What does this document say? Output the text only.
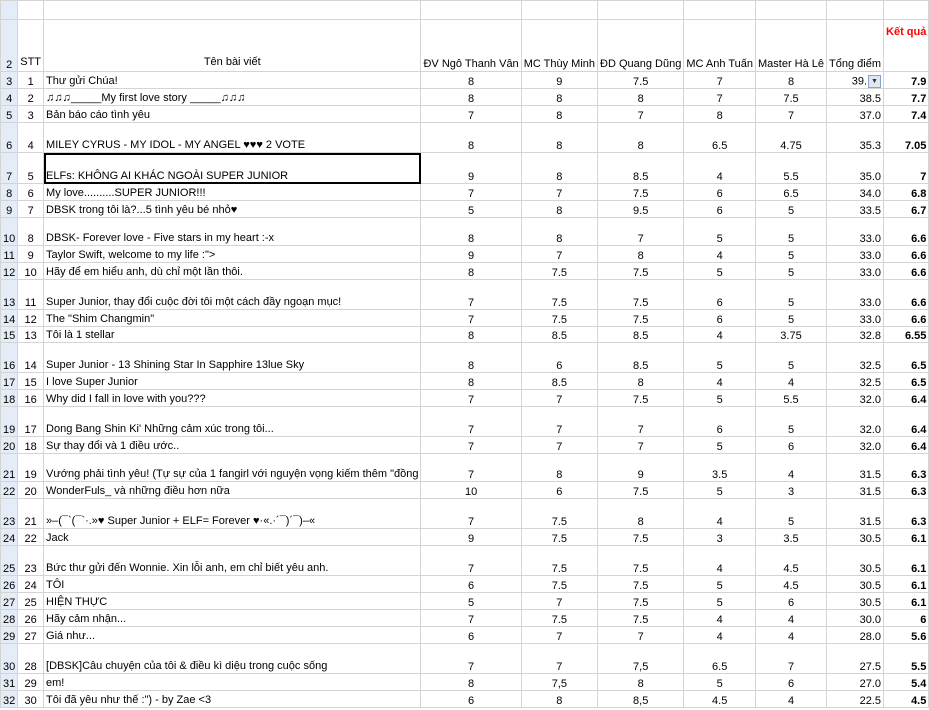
2	STT	Tên bài viết	ĐV Ngô Thanh Vân	MC Thùy Minh	ĐD Quang Dũng	MC Anh Tuấn	Master Hà Lê	Tổng điểm	Kết quả
3	1	Thư gửi Chúa!	8	9	7.5	7	8	39. ▼	7.9
4	2	♫♫♫_____My first love story _____♫♫♫	8	8	8	7	7.5	38.5	7.7
5	3	Bản báo cáo tình yêu	7	8	7	8	7	37.0	7.4
6	4	MILEY CYRUS - MY IDOL - MY ANGEL ♥♥♥ 2 VOTE	8	8	8	6.5	4.75	35.3	7.05
7	5	ELFs: KHÔNG AI KHÁC NGOÀI SUPER JUNIOR	9	8	8.5	4	5.5	35.0	7
8	6	My love..........SUPER JUNIOR!!!	7	7	7.5	6	6.5	34.0	6.8
9	7	DBSK trong tôi là?...5 tình yêu bé nhỏ♥	5	8	9.5	6	5	33.5	6.7
10	8	DBSK- Forever love - Five stars in my heart :-x	8	8	7	5	5	33.0	6.6
11	9	Taylor Swift, welcome to my life :">	9	7	8	4	5	33.0	6.6
12	10	Hãy để em hiểu anh, dù chỉ một lần thôi.	8	7.5	7.5	5	5	33.0	6.6
13	11	Super Junior, thay đổi cuộc đời tôi một cách đầy ngoạn mục!	7	7.5	7.5	6	5	33.0	6.6
14	12	The "Shim Changmin"	7	7.5	7.5	6	5	33.0	6.6
15	13	Tôi là 1 stellar	8	8.5	8.5	4	3.75	32.8	6.55
16	14	Super Junior - 13 Shining Star In Sapphire 13lue Sky	8	6	8.5	5	5	32.5	6.5
17	15	I love Super Junior	8	8.5	8	4	4	32.5	6.5
18	16	Why did I fall in love with you???	7	7	7.5	5	5.5	32.0	6.4
19	17	Dong Bang Shin Ki' Những cảm xúc trong tôi...	7	7	7	6	5	32.0	6.4
20	18	Sự thay đổi và 1 điều ước..	7	7	7	5	6	32.0	6.4
21	19	Vướng phải tình yêu! (Tự sự của 1 fangirl với nguyện vọng kiếm thêm "đồng	7	8	9	3.5	4	31.5	6.3
22	20	WonderFuls_ và những điều hơn nữa	10	6	7.5	5	3	31.5	6.3
23	21	»–(¯`(¯`·.»♥ Super Junior + ELF= Forever ♥·«.·´¯)´¯)–«	7	7.5	8	4	5	31.5	6.3
24	22	Jack	9	7.5	7.5	3	3.5	30.5	6.1
25	23	Bức thư gửi đến Wonnie. Xin lỗi anh, em chỉ biết yêu anh.	7	7.5	7.5	4	4.5	30.5	6.1
26	24	TÔI	6	7.5	7.5	5	4.5	30.5	6.1
27	25	HIỆN THỰC	5	7	7.5	5	6	30.5	6.1
28	26	Hãy cảm nhận...	7	7.5	7.5	4	4	30.0	6
29	27	Giá như...	6	7	7	4	4	28.0	5.6
30	28	[DBSK]Câu chuyện của tôi & điều kì diệu trong cuộc sống	7	7	7,5	6.5	7	27.5	5.5
31	29	em!	8	7,5	8	5	6	27.0	5.4
32	30	Tôi đã yêu như thế :") - by Zae <3	6	8	8,5	4.5	4	22.5	4.5
